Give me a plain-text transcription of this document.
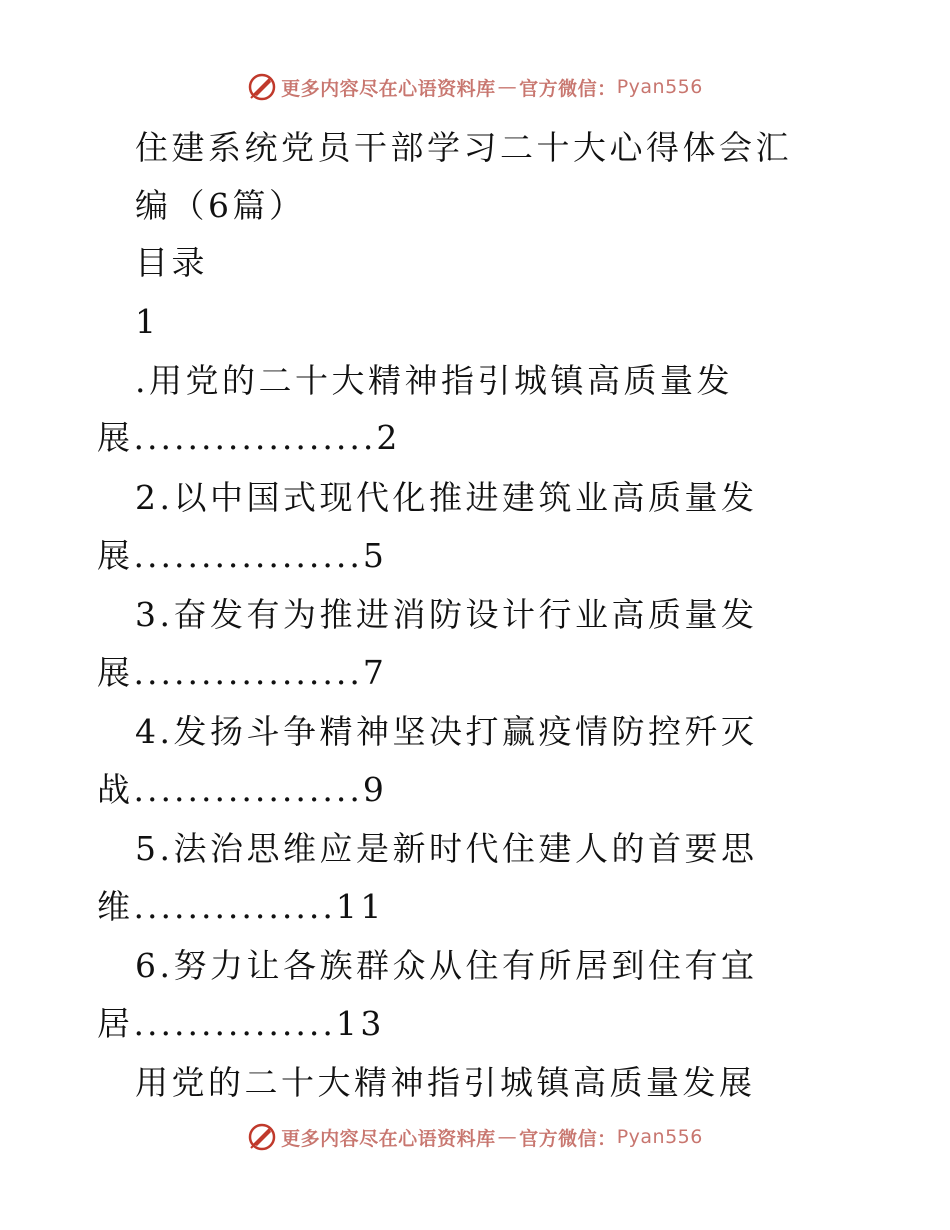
更多内容尽在心语资料库 — 官方微信： Pyan556
住建系统党员干部学习二十大心得体会汇
编（6篇）
目录
1
.用党的二十大精神指引城镇高质量发
展..................2
2.以中国式现代化推进建筑业高质量发
展.................5
3.奋发有为推进消防设计行业高质量发
展.................7
4.发扬斗争精神坚决打赢疫情防控歼灭
战.................9
5.法治思维应是新时代住建人的首要思
维...............11
6.努力让各族群众从住有所居到住有宜
居...............13
用党的二十大精神指引城镇高质量发展
更多内容尽在心语资料库 — 官方微信： Pyan556
